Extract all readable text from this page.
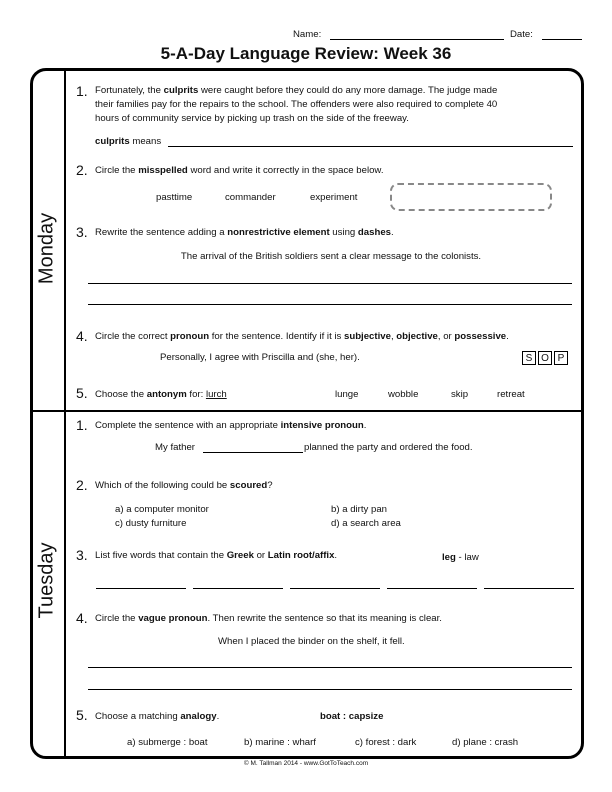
Name:	Date:
5-A-Day Language Review: Week 36
Monday
Tuesday
1. Fortunately, the culprits were caught before they could do any more damage. The judge made
their families pay for the repairs to the school. The offenders were also required to complete 40
hours of community service by picking up trash on the side of the freeway.
culprits means
2. Circle the misspelled word and write it correctly in the space below.
pasttime	commander	experiment
3. Rewrite the sentence adding a nonrestrictive element using dashes.
The arrival of the British soldiers sent a clear message to the colonists.
4. Circle the correct pronoun for the sentence. Identify if it is subjective, objective, or possessive.
Personally, I agree with Priscilla and (she, her).	S O P
5. Choose the antonym for: lurch	lunge	wobble	skip	retreat
1. Complete the sentence with an appropriate intensive pronoun.
My father	planned the party and ordered the food.
2. Which of the following could be scoured?
a) a computer monitor	b) a dirty pan
c) dusty furniture	d) a search area
3. List five words that contain the Greek or Latin root/affix.	leg - law
4. Circle the vague pronoun. Then rewrite the sentence so that its meaning is clear.
When I placed the binder on the shelf, it fell.
5. Choose a matching analogy.	boat : capsize
a) submerge : boat	b) marine : wharf	c) forest : dark	d) plane : crash
© M. Tallman 2014 - www.GotToTeach.com
